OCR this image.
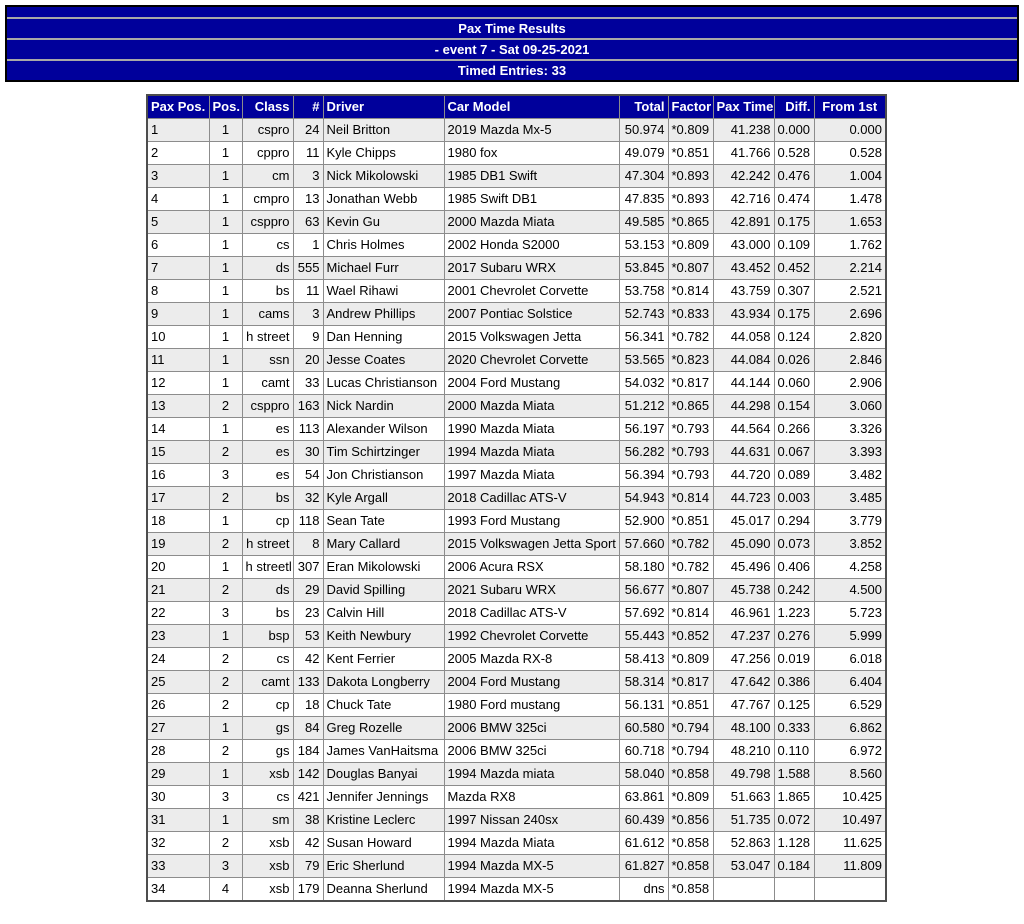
Pax Time Results
- event 7 - Sat 09-25-2021
Timed Entries: 33
Pax Pos.	Pos.	Class	#	Driver	Car Model	Total	Factor	Pax Time	Diff.	From 1st
1	1	cspro	24	Neil Britton	2019 Mazda Mx-5	50.974	*0.809	41.238	0.000	0.000
2	1	cppro	11	Kyle Chipps	1980 fox	49.079	*0.851	41.766	0.528	0.528
3	1	cm	3	Nick Mikolowski	1985 DB1 Swift	47.304	*0.893	42.242	0.476	1.004
4	1	cmpro	13	Jonathan Webb	1985 Swift DB1	47.835	*0.893	42.716	0.474	1.478
5	1	csppro	63	Kevin Gu	2000 Mazda Miata	49.585	*0.865	42.891	0.175	1.653
6	1	cs	1	Chris Holmes	2002 Honda S2000	53.153	*0.809	43.000	0.109	1.762
7	1	ds	555	Michael Furr	2017 Subaru WRX	53.845	*0.807	43.452	0.452	2.214
8	1	bs	11	Wael Rihawi	2001 Chevrolet Corvette	53.758	*0.814	43.759	0.307	2.521
9	1	cams	3	Andrew Phillips	2007 Pontiac Solstice	52.743	*0.833	43.934	0.175	2.696
10	1	h street	9	Dan Henning	2015 Volkswagen Jetta	56.341	*0.782	44.058	0.124	2.820
11	1	ssn	20	Jesse Coates	2020 Chevrolet Corvette	53.565	*0.823	44.084	0.026	2.846
12	1	camt	33	Lucas Christianson	2004 Ford Mustang	54.032	*0.817	44.144	0.060	2.906
13	2	csppro	163	Nick Nardin	2000 Mazda Miata	51.212	*0.865	44.298	0.154	3.060
14	1	es	113	Alexander Wilson	1990 Mazda Miata	56.197	*0.793	44.564	0.266	3.326
15	2	es	30	Tim Schirtzinger	1994 Mazda Miata	56.282	*0.793	44.631	0.067	3.393
16	3	es	54	Jon Christianson	1997 Mazda Miata	56.394	*0.793	44.720	0.089	3.482
17	2	bs	32	Kyle Argall	2018 Cadillac ATS-V	54.943	*0.814	44.723	0.003	3.485
18	1	cp	118	Sean Tate	1993 Ford Mustang	52.900	*0.851	45.017	0.294	3.779
19	2	h street	8	Mary Callard	2015 Volkswagen Jetta Sport	57.660	*0.782	45.090	0.073	3.852
20	1	h streetl	307	Eran Mikolowski	2006 Acura RSX	58.180	*0.782	45.496	0.406	4.258
21	2	ds	29	David Spilling	2021 Subaru WRX	56.677	*0.807	45.738	0.242	4.500
22	3	bs	23	Calvin Hill	2018 Cadillac ATS-V	57.692	*0.814	46.961	1.223	5.723
23	1	bsp	53	Keith Newbury	1992 Chevrolet Corvette	55.443	*0.852	47.237	0.276	5.999
24	2	cs	42	Kent Ferrier	2005 Mazda RX-8	58.413	*0.809	47.256	0.019	6.018
25	2	camt	133	Dakota Longberry	2004 Ford Mustang	58.314	*0.817	47.642	0.386	6.404
26	2	cp	18	Chuck Tate	1980 Ford mustang	56.131	*0.851	47.767	0.125	6.529
27	1	gs	84	Greg Rozelle	2006 BMW 325ci	60.580	*0.794	48.100	0.333	6.862
28	2	gs	184	James VanHaitsma	2006 BMW 325ci	60.718	*0.794	48.210	0.110	6.972
29	1	xsb	142	Douglas Banyai	1994 Mazda miata	58.040	*0.858	49.798	1.588	8.560
30	3	cs	421	Jennifer Jennings	Mazda RX8	63.861	*0.809	51.663	1.865	10.425
31	1	sm	38	Kristine Leclerc	1997 Nissan 240sx	60.439	*0.856	51.735	0.072	10.497
32	2	xsb	42	Susan Howard	1994 Mazda Miata	61.612	*0.858	52.863	1.128	11.625
33	3	xsb	79	Eric Sherlund	1994 Mazda MX-5	61.827	*0.858	53.047	0.184	11.809
34	4	xsb	179	Deanna Sherlund	1994 Mazda MX-5	dns	*0.858			
